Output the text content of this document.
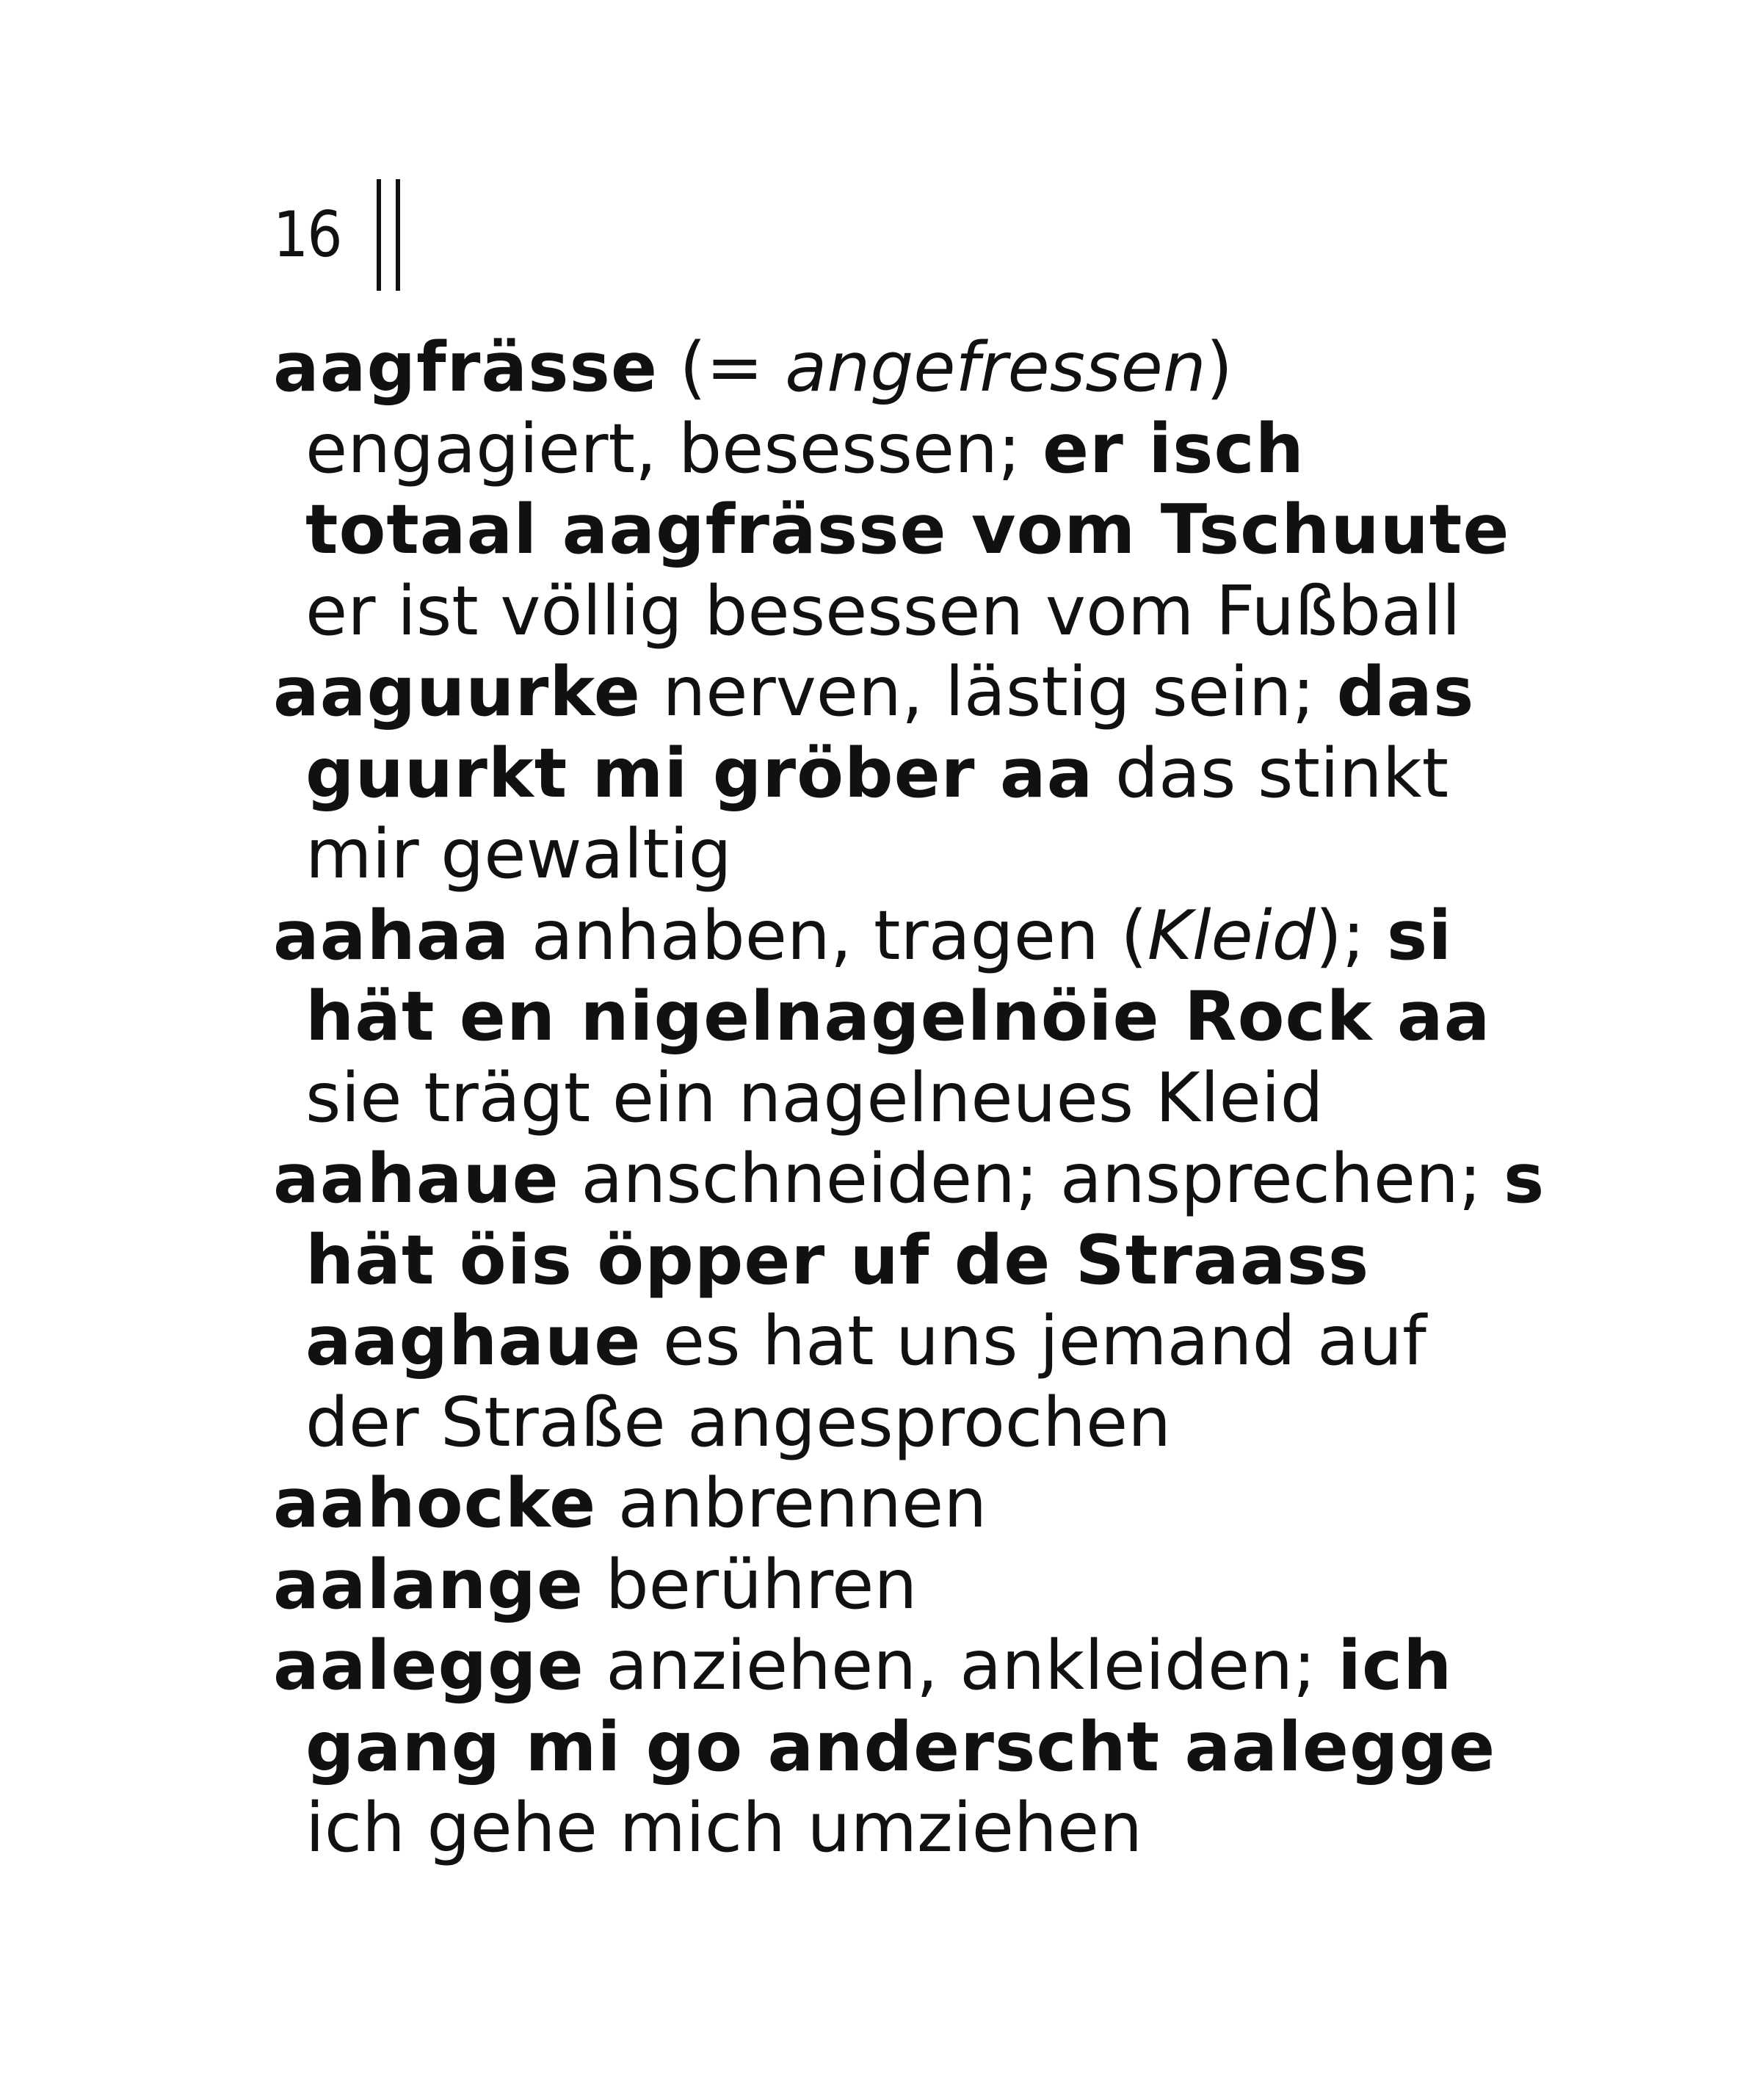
16

aagfrässe (= angefressen) engagiert, besessen; er isch totaal aagfrässe vom Tschuute er ist völlig besessen vom Fußball

aaguurke nerven, lästig sein; das guurkt mi gröber aa das stinkt mir gewaltig

aahaa anhaben, tragen (Kleid); si hät en nigelnagelnöie Rock aa sie trägt ein nagelneues Kleid

aahaue anschneiden; ansprechen; s hät öis öpper uf de Straass aaghaue es hat uns jemand auf der Straße angesprochen

aahocke anbrennen

aalange berühren

aalegge anziehen, ankleiden; ich gang mi go anderscht aalegge ich gehe mich umziehen
